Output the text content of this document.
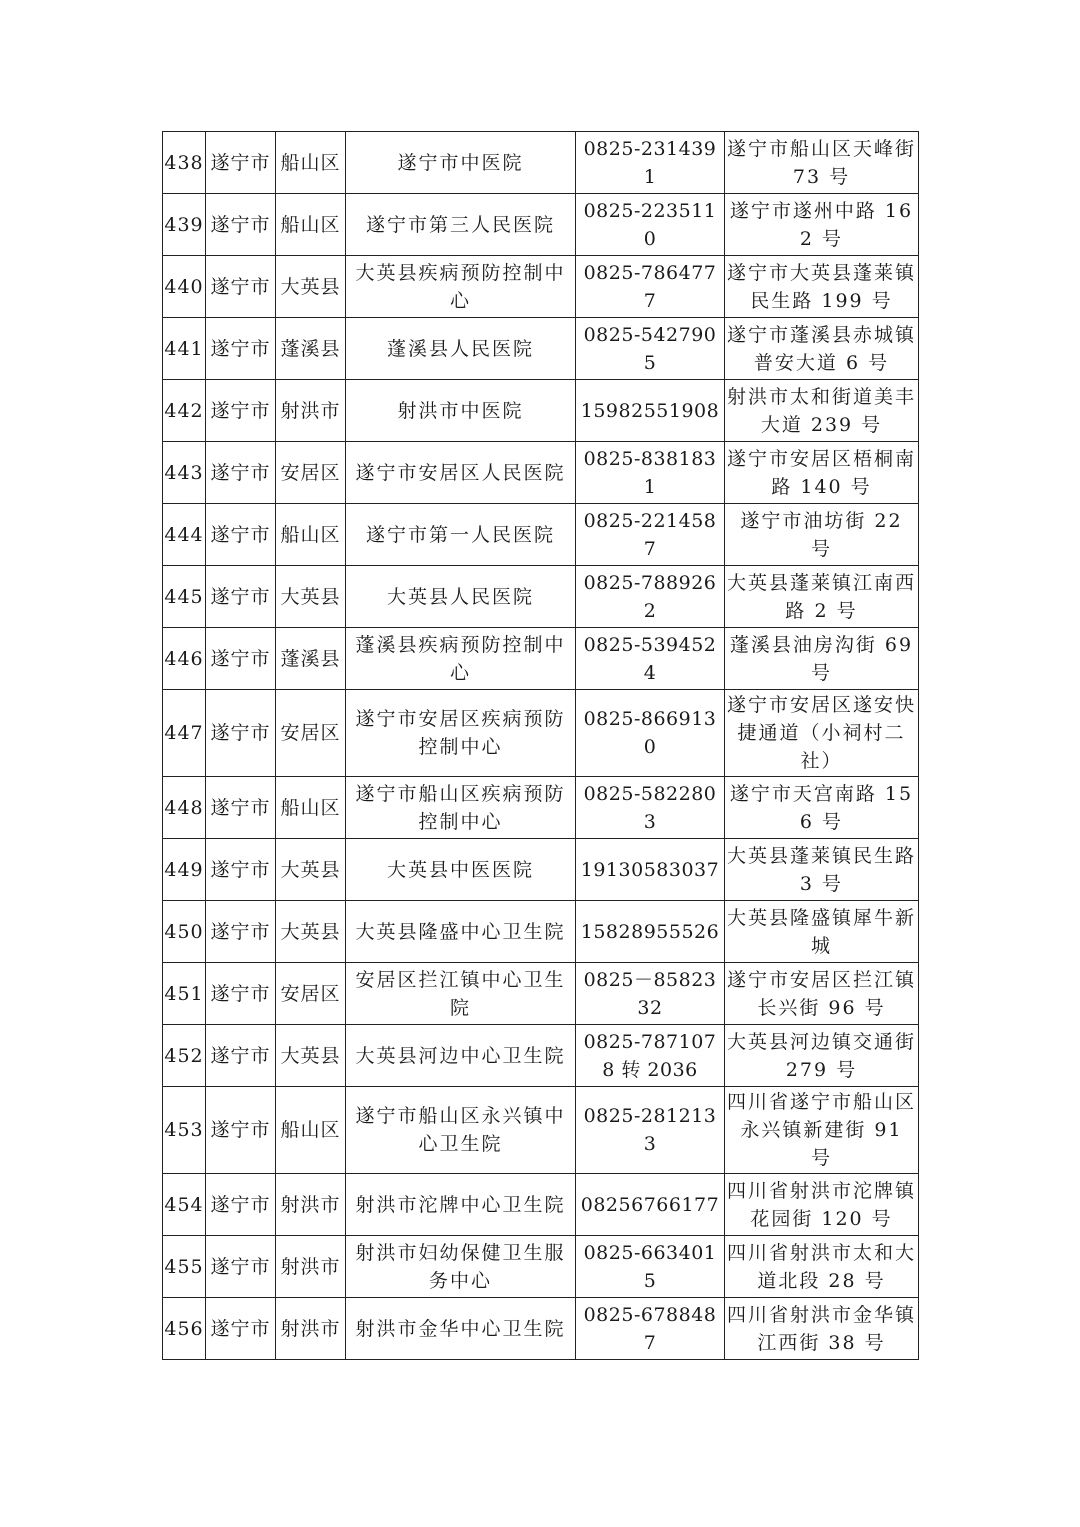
438	遂宁市	船山区	遂宁市中医院	0825-2314391	遂宁市船山区天峰街 73 号
439	遂宁市	船山区	遂宁市第三人民医院	0825-2235110	遂宁市遂州中路 162 号
440	遂宁市	大英县	大英县疾病预防控制中心	0825-7864777	遂宁市大英县蓬莱镇民生路 199 号
441	遂宁市	蓬溪县	蓬溪县人民医院	0825-5427905	遂宁市蓬溪县赤城镇普安大道 6 号
442	遂宁市	射洪市	射洪市中医院	15982551908	射洪市太和街道美丰大道 239 号
443	遂宁市	安居区	遂宁市安居区人民医院	0825-8381831	遂宁市安居区梧桐南路 140 号
444	遂宁市	船山区	遂宁市第一人民医院	0825-2214587	遂宁市油坊街 22 号
445	遂宁市	大英县	大英县人民医院	0825-7889262	大英县蓬莱镇江南西路 2 号
446	遂宁市	蓬溪县	蓬溪县疾病预防控制中心	0825-5394524	蓬溪县油房沟街 69 号
447	遂宁市	安居区	遂宁市安居区疾病预防控制中心	0825-8669130	遂宁市安居区遂安快捷通道（小祠村二社）
448	遂宁市	船山区	遂宁市船山区疾病预防控制中心	0825-5822803	遂宁市天宫南路 156 号
449	遂宁市	大英县	大英县中医医院	19130583037	大英县蓬莱镇民生路 3 号
450	遂宁市	大英县	大英县隆盛中心卫生院	15828955526	大英县隆盛镇犀牛新城
451	遂宁市	安居区	安居区拦江镇中心卫生院	0825－8582332	遂宁市安居区拦江镇长兴街 96 号
452	遂宁市	大英县	大英县河边中心卫生院	0825-7871078 转 2036	大英县河边镇交通街 279 号
453	遂宁市	船山区	遂宁市船山区永兴镇中心卫生院	0825-2812133	四川省遂宁市船山区永兴镇新建街 91 号
454	遂宁市	射洪市	射洪市沱牌中心卫生院	08256766177	四川省射洪市沱牌镇花园街 120 号
455	遂宁市	射洪市	射洪市妇幼保健卫生服务中心	0825-6634015	四川省射洪市太和大道北段 28 号
456	遂宁市	射洪市	射洪市金华中心卫生院	0825-6788487	四川省射洪市金华镇江西街 38 号
